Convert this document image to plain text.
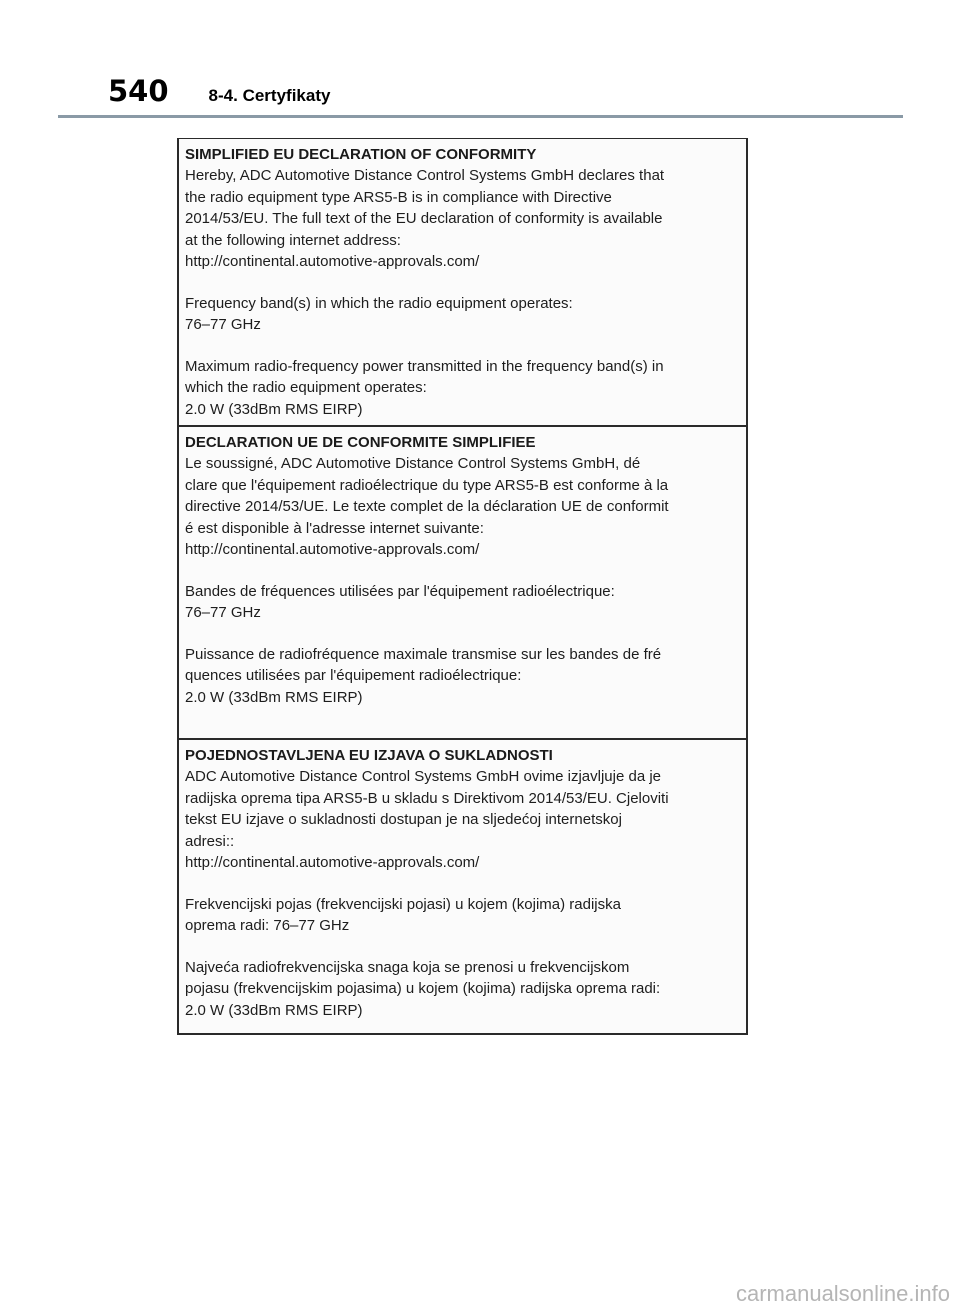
540 8-4. Certyfikaty
SIMPLIFIED EU DECLARATION OF CONFORMITY

Hereby, ADC Automotive Distance Control Systems GmbH declares that

the radio equipment type ARS5-B is in compliance with Directive

2014/53/EU. The full text of the EU declaration of conformity is available

at the following internet address:

http://continental.automotive-approvals.com/

Frequency band(s) in which the radio equipment operates:

76–77 GHz

Maximum radio-frequency power transmitted in the frequency band(s) in

which the radio equipment operates:

2.0 W (33dBm RMS EIRP)

DECLARATION UE DE CONFORMITE SIMPLIFIEE

Le soussigné, ADC Automotive Distance Control Systems GmbH, dé

clare que l'équipement radioélectrique du type ARS5-B est conforme à la

directive 2014/53/UE. Le texte complet de la déclaration UE de conformit

é est disponible à l'adresse internet suivante:

http://continental.automotive-approvals.com/

Bandes de fréquences utilisées par l'équipement radioélectrique:

76–77 GHz

Puissance de radiofréquence maximale transmise sur les bandes de fré

quences utilisées par l'équipement radioélectrique:

2.0 W (33dBm RMS EIRP)

POJEDNOSTAVLJENA EU IZJAVA O SUKLADNOSTI

ADC Automotive Distance Control Systems GmbH ovime izjavljuje da je

radijska oprema tipa ARS5-B u skladu s Direktivom 2014/53/EU. Cjeloviti

tekst EU izjave o sukladnosti dostupan je na sljedećoj internetskoj

adresi::

http://continental.automotive-approvals.com/

Frekvencijski pojas (frekvencijski pojasi) u kojem (kojima) radijska

oprema radi: 76–77 GHz

Najveća radiofrekvencijska snaga koja se prenosi u frekvencijskom

pojasu (frekvencijskim pojasima) u kojem (kojima) radijska oprema radi:

2.0 W (33dBm RMS EIRP)

carmanualsonline.info
